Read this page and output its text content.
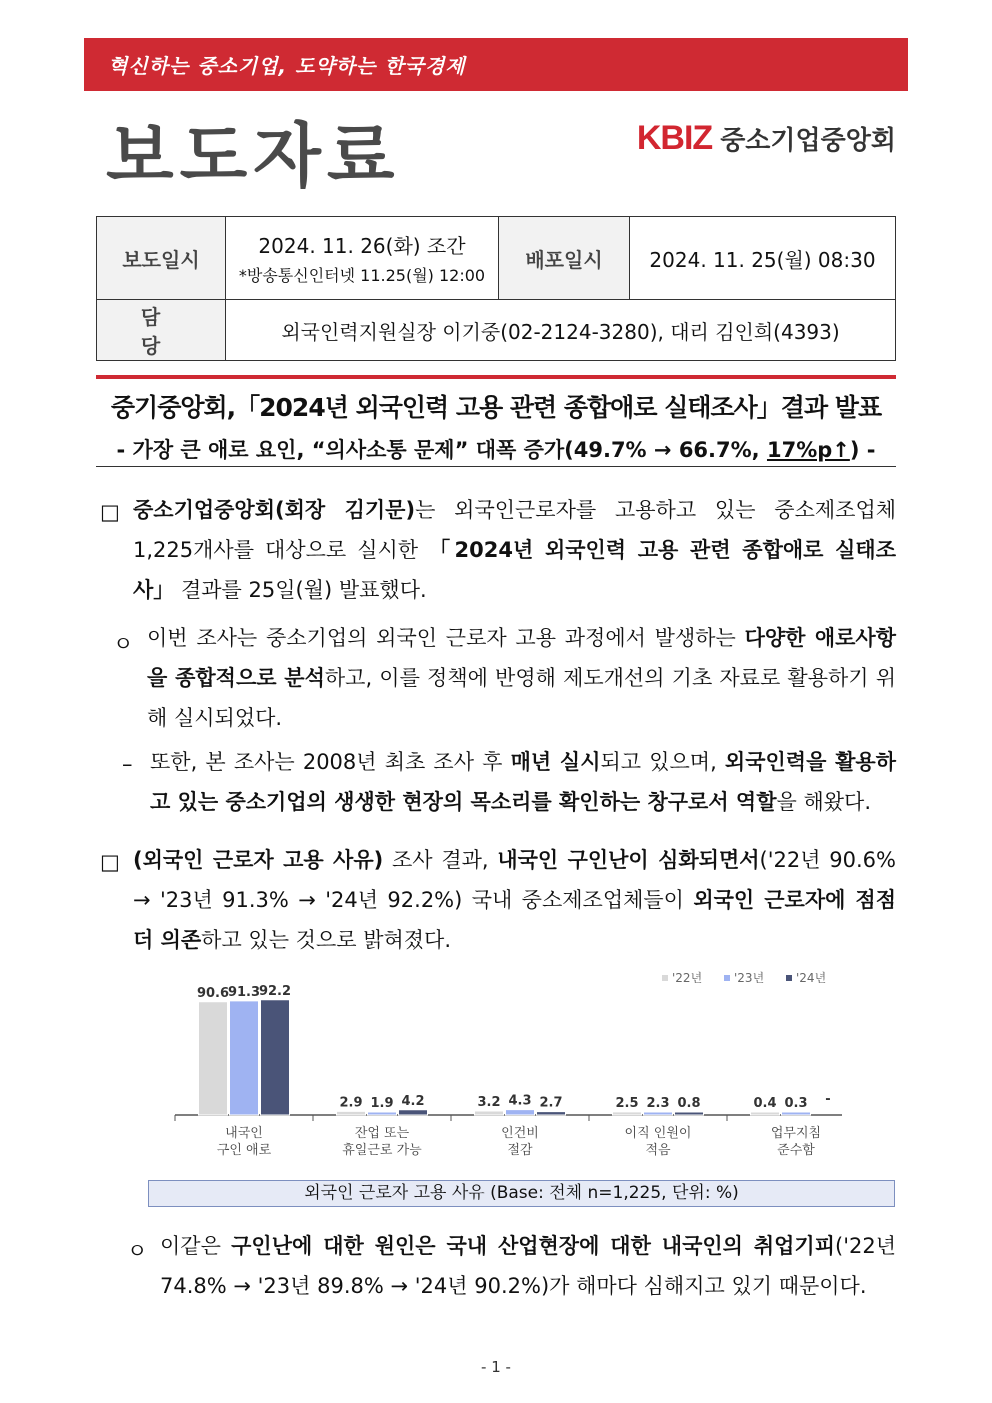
혁신하는 중소기업, 도약하는 한국경제
보도자료	KBIZ 중소기업중앙회
보도일시	2024. 11. 26(화) 조간
*방송통신인터넷 11.25(월) 12:00	배포일시	2024. 11. 25(월) 08:30
담 당	외국인력지원실장 이기중(02-2124-3280), 대리 김인희(4393)		
중기중앙회,「2024년 외국인력 고용 관련 종합애로 실태조사」결과 발표
- 가장 큰 애로 요인, “의사소통 문제” 대폭 증가(49.7% → 66.7%, 17%p↑) -
□ 중소기업중앙회(회장 김기문)는 외국인근로자를 고용하고 있는 중소제조업체 1,225개사를 대상으로 실시한 「2024년 외국인력 고용 관련 종합애로 실태조사」 결과를 25일(월) 발표했다.
ㅇ 이번 조사는 중소기업의 외국인 근로자 고용 과정에서 발생하는 다양한 애로사항을 종합적으로 분석하고, 이를 정책에 반영해 제도개선의 기초 자료로 활용하기 위해 실시되었다.
– 또한, 본 조사는 2008년 최초 조사 후 매년 실시되고 있으며, 외국인력을 활용하고 있는 중소기업의 생생한 현장의 목소리를 확인하는 창구로서 역할을 해왔다.
□ (외국인 근로자 고용 사유) 조사 결과, 내국인 구인난이 심화되면서('22년 90.6% → '23년 91.3% → '24년 92.2%) 국내 중소제조업체들이 외국인 근로자에 점점 더 의존하고 있는 것으로 밝혀졌다.
90.6
91.3
92.2
내국인
구인 애로
2.9 1.9 4.2
잔업 또는
휴일근로 가능
3.2 4.3 2.7
인건비
절감
2.5 2.3 0.8
이직 인원이
적음
0.4 0.3 -
업무지침
준수함
'22년	'23년	'24년
외국인 근로자 고용 사유 (Base: 전체 n=1,225, 단위: %)
ㅇ 이같은 구인난에 대한 원인은 국내 산업현장에 대한 내국인의 취업기피('22년 74.8% → '23년 89.8% → '24년 90.2%)가 해마다 심해지고 있기 때문이다.
- 1 -
